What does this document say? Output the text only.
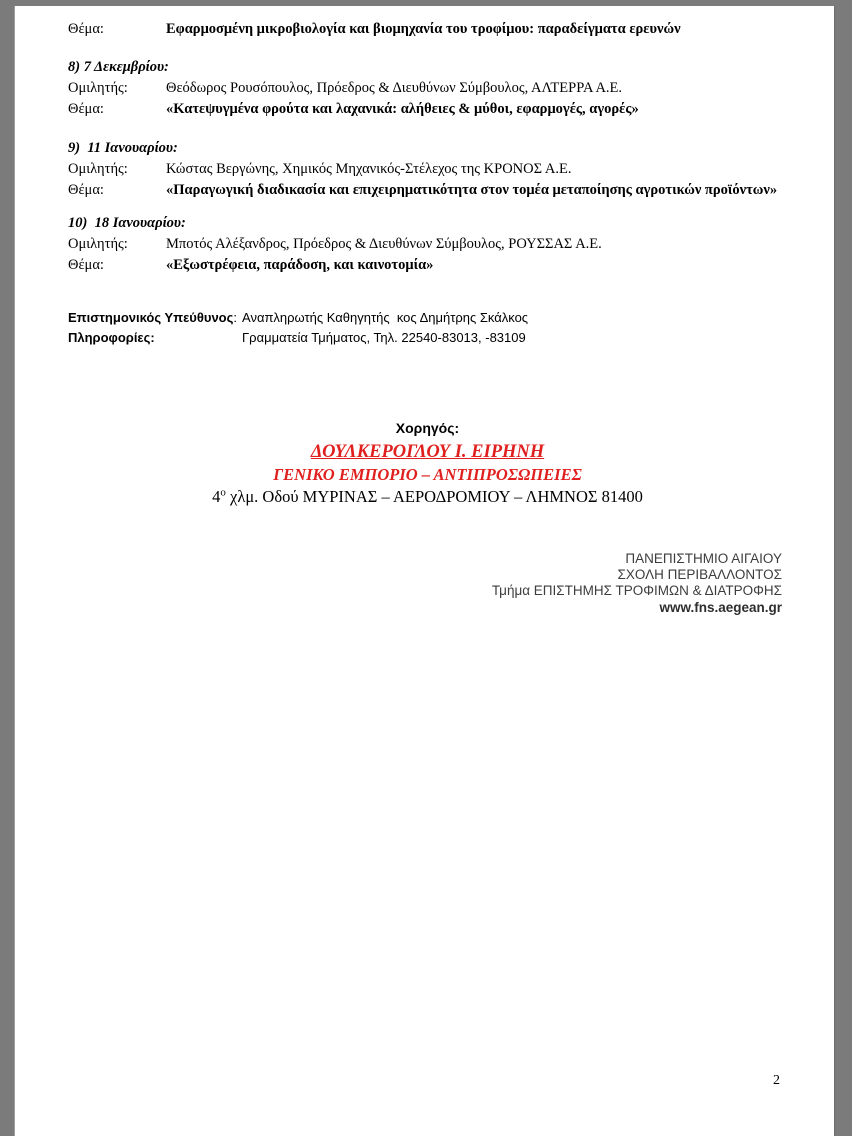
Θέμα:	Εφαρμοσμένη μικροβιολογία και βιομηχανία του τροφίμου: παραδείγματα ερευνών
8) 7 Δεκεμβρίου:
Ομιλητής:	Θεόδωρος Ρουσόπουλος, Πρόεδρος & Διευθύνων Σύμβουλος, ΑΛΤΕΡΡΑ Α.Ε.
Θέμα:	«Κατεψυγμένα φρούτα και λαχανικά: αλήθειες & μύθοι, εφαρμογές, αγορές»
9)  11 Ιανουαρίου:
Ομιλητής:	Κώστας Βεργώνης, Χημικός Μηχανικός-Στέλεχος της ΚΡΟΝΟΣ Α.Ε.
Θέμα:	«Παραγωγική διαδικασία και επιχειρηματικότητα στον τομέα μεταποίησης αγροτικών προϊόντων»
10)  18 Ιανουαρίου:
Ομιλητής:	Μποτός Αλέξανδρος, Πρόεδρος & Διευθύνων Σύμβουλος, ΡΟΥΣΣΑΣ Α.Ε.
Θέμα:	«Εξωστρέφεια, παράδοση, και καινοτομία»
Επιστημονικός Υπεύθυνος: Αναπληρωτής Καθηγητής  κος Δημήτρης Σκάλκος
Πληροφορίες:	Γραμματεία Τμήματος, Τηλ. 22540-83013, -83109
Χορηγός:
ΔΟΥΛΚΕΡΟΓΛΟΥ Ι. ΕΙΡΗΝΗ
ΓΕΝΙΚΟ ΕΜΠΟΡΙΟ – ΑΝΤΙΠΡΟΣΩΠΕΙΕΣ
$4^o$ χλμ. Οδού ΜΥΡΙΝΑΣ – ΑΕΡΟΔΡΟΜΙΟΥ – ΛΗΜΝΟΣ 81400
ΠΑΝΕΠΙΣΤΗΜΙΟ ΑΙΓΑΙΟΥ
ΣΧΟΛΗ ΠΕΡΙΒΑΛΛΟΝΤΟΣ
Τμήμα ΕΠΙΣΤΗΜΗΣ ΤΡΟΦΙΜΩΝ & ΔΙΑΤΡΟΦΗΣ
www.fns.aegean.gr
2
